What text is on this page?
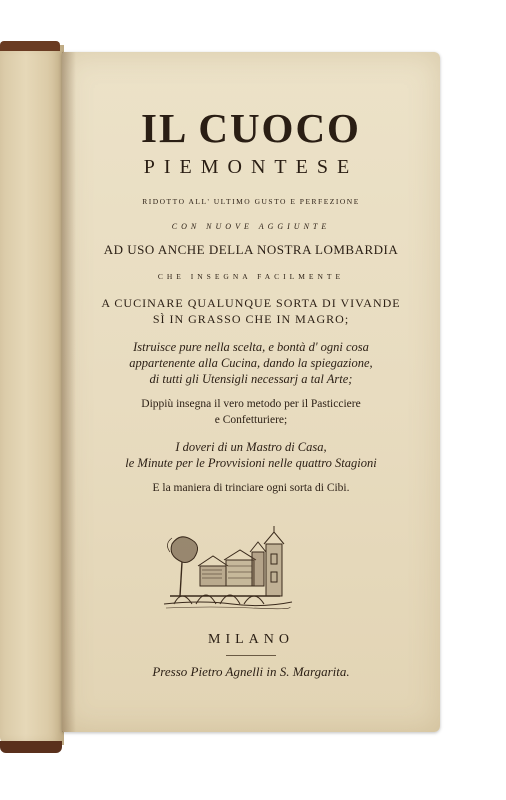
IL CUOCO
PIEMONTESE
RIDOTTO ALL' ULTIMO GUSTO E PERFEZIONE
CON NUOVE AGGIUNTE
AD USO ANCHE DELLA NOSTRA LOMBARDIA
CHE INSEGNA FACILMENTE
A CUCINARE QUALUNQUE SORTA DI VIVANDE
SÌ IN GRASSO CHE IN MAGRO;
Istruisce pure nella scelta, e bontà d' ogni cosa
appartenente alla Cucina, dando la spiegazione,
di tutti gli Utensigli necessarj a tal Arte;
Dippiù insegna il vero metodo per il Pasticciere
e Confetturiere;
I doveri di un Mastro di Casa,
le Minute per le Provvisioni nelle quattro Stagioni
E la maniera di trinciare ogni sorta di Cibi.
MILANO
Presso Pietro Agnelli in S. Margarita.
